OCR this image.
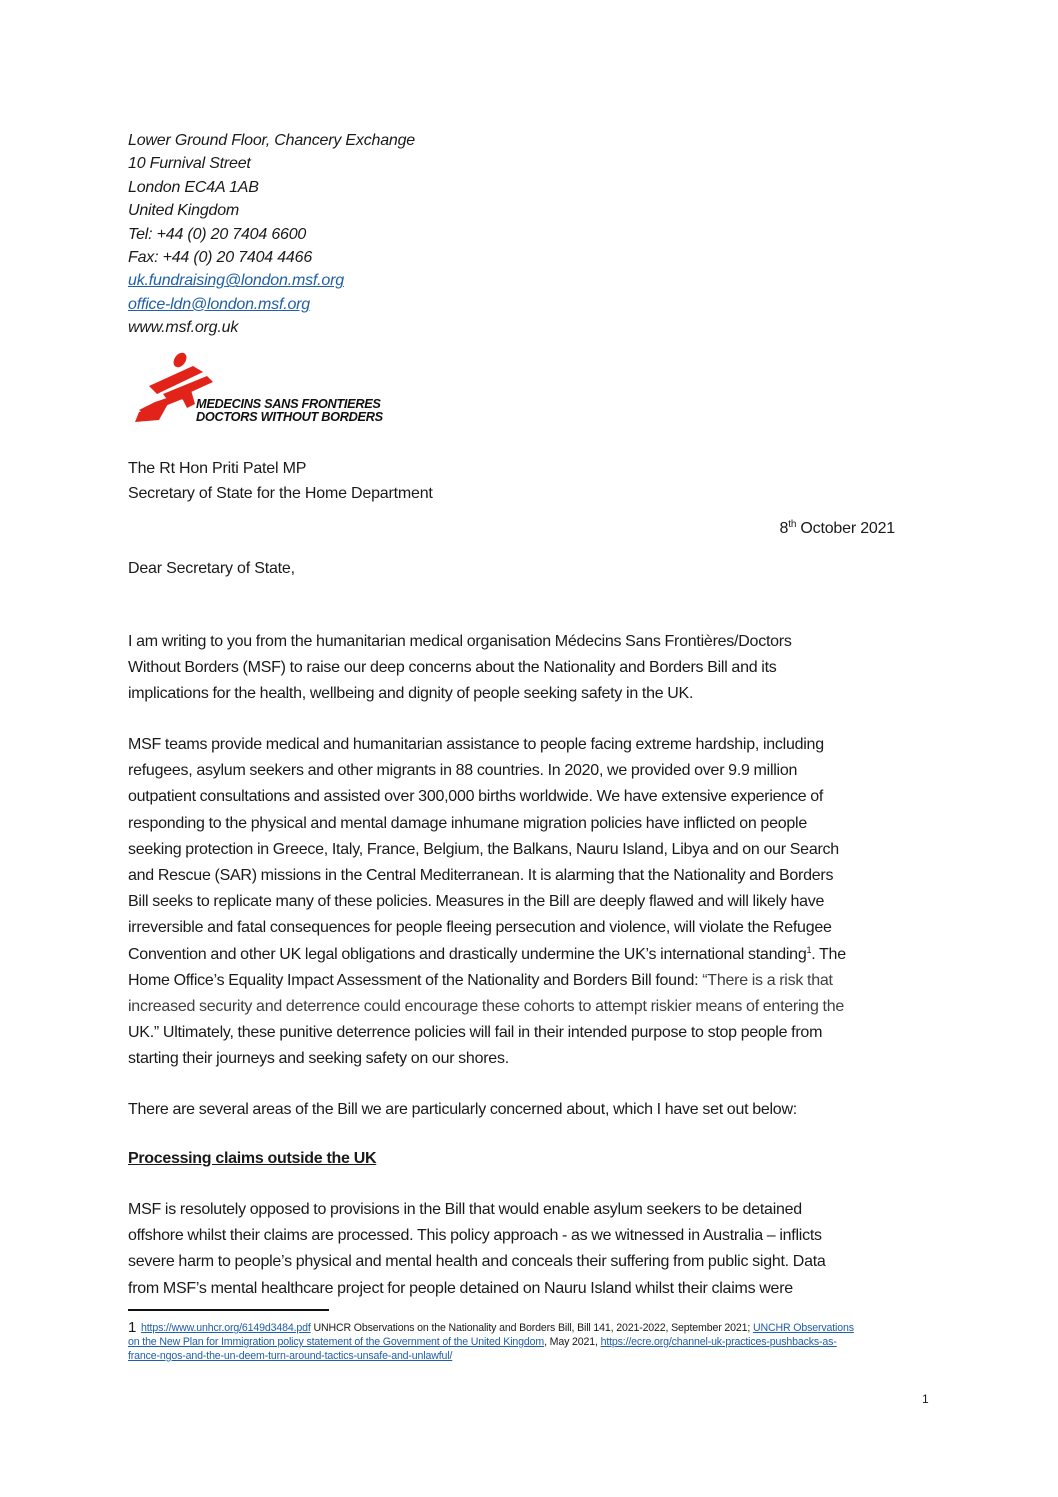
Lower Ground Floor, Chancery Exchange
10 Furnival Street
London EC4A 1AB
United Kingdom
Tel: +44 (0) 20 7404 6600
Fax: +44 (0) 20 7404 4466
uk.fundraising@london.msf.org
office-ldn@london.msf.org
www.msf.org.uk
MEDECINS SANS FRONTIERES
DOCTORS WITHOUT BORDERS
The Rt Hon Priti Patel MP
Secretary of State for the Home Department
8th October 2021
Dear Secretary of State,
I am writing to you from the humanitarian medical organisation Médecins Sans Frontières/Doctors
Without Borders (MSF) to raise our deep concerns about the Nationality and Borders Bill and its
implications for the health, wellbeing and dignity of people seeking safety in the UK.
MSF teams provide medical and humanitarian assistance to people facing extreme hardship, including
refugees, asylum seekers and other migrants in 88 countries. In 2020, we provided over 9.9 million
outpatient consultations and assisted over 300,000 births worldwide. We have extensive experience of
responding to the physical and mental damage inhumane migration policies have inflicted on people
seeking protection in Greece, Italy, France, Belgium, the Balkans, Nauru Island, Libya and on our Search
and Rescue (SAR) missions in the Central Mediterranean. It is alarming that the Nationality and Borders
Bill seeks to replicate many of these policies. Measures in the Bill are deeply flawed and will likely have
irreversible and fatal consequences for people fleeing persecution and violence, will violate the Refugee
Convention and other UK legal obligations and drastically undermine the UK’s international standing$^1$. The
Home Office’s Equality Impact Assessment of the Nationality and Borders Bill found: “There is a risk that
increased security and deterrence could encourage these cohorts to attempt riskier means of entering the
UK.” Ultimately, these punitive deterrence policies will fail in their intended purpose to stop people from
starting their journeys and seeking safety on our shores.
There are several areas of the Bill we are particularly concerned about, which I have set out below:
Processing claims outside the UK
MSF is resolutely opposed to provisions in the Bill that would enable asylum seekers to be detained
offshore whilst their claims are processed. This policy approach - as we witnessed in Australia – inflicts
severe harm to people’s physical and mental health and conceals their suffering from public sight. Data
from MSF’s mental healthcare project for people detained on Nauru Island whilst their claims were
1 https://www.unhcr.org/6149d3484.pdf UNHCR Observations on the Nationality and Borders Bill, Bill 141, 2021-2022, September 2021; UNCHR Observations
on the New Plan for Immigration policy statement of the Government of the United Kingdom, May 2021, https://ecre.org/channel-uk-practices-pushbacks-as-
france-ngos-and-the-un-deem-turn-around-tactics-unsafe-and-unlawful/
1
